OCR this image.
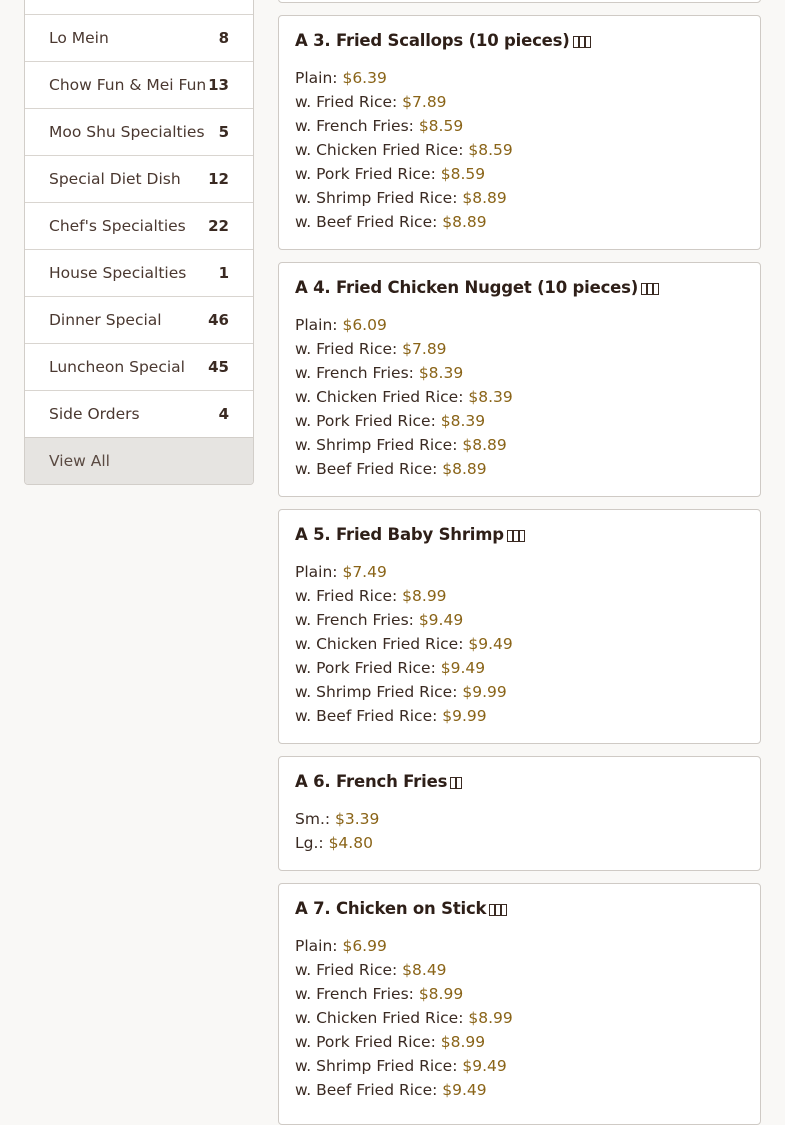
Lo Mein	8
Chow Fun & Mei Fun 13
Moo Shu Specialties 5
Special Diet Dish 12
Chef's Specialties 22
House Specialties 1
Dinner Special	46
Luncheon Special 45
Side Orders	4
View All
A 3. Fried Scallops (10 pieces)
Plain: $6.39
w. Fried Rice: $7.89
w. French Fries: $8.59
w. Chicken Fried Rice: $8.59
w. Pork Fried Rice: $8.59
w. Shrimp Fried Rice: $8.89
w. Beef Fried Rice: $8.89
A 4. Fried Chicken Nugget (10 pieces)
Plain: $6.09
w. Fried Rice: $7.89
w. French Fries: $8.39
w. Chicken Fried Rice: $8.39
w. Pork Fried Rice: $8.39
w. Shrimp Fried Rice: $8.89
w. Beef Fried Rice: $8.89
A 5. Fried Baby Shrimp
Plain: $7.49
w. Fried Rice: $8.99
w. French Fries: $9.49
w. Chicken Fried Rice: $9.49
w. Pork Fried Rice: $9.49
w. Shrimp Fried Rice: $9.99
w. Beef Fried Rice: $9.99
A 6. French Fries
Sm.: $3.39
Lg.: $4.80
A 7. Chicken on Stick
Plain: $6.99
w. Fried Rice: $8.49
w. French Fries: $8.99
w. Chicken Fried Rice: $8.99
w. Pork Fried Rice: $8.99
w. Shrimp Fried Rice: $9.49
w. Beef Fried Rice: $9.49
